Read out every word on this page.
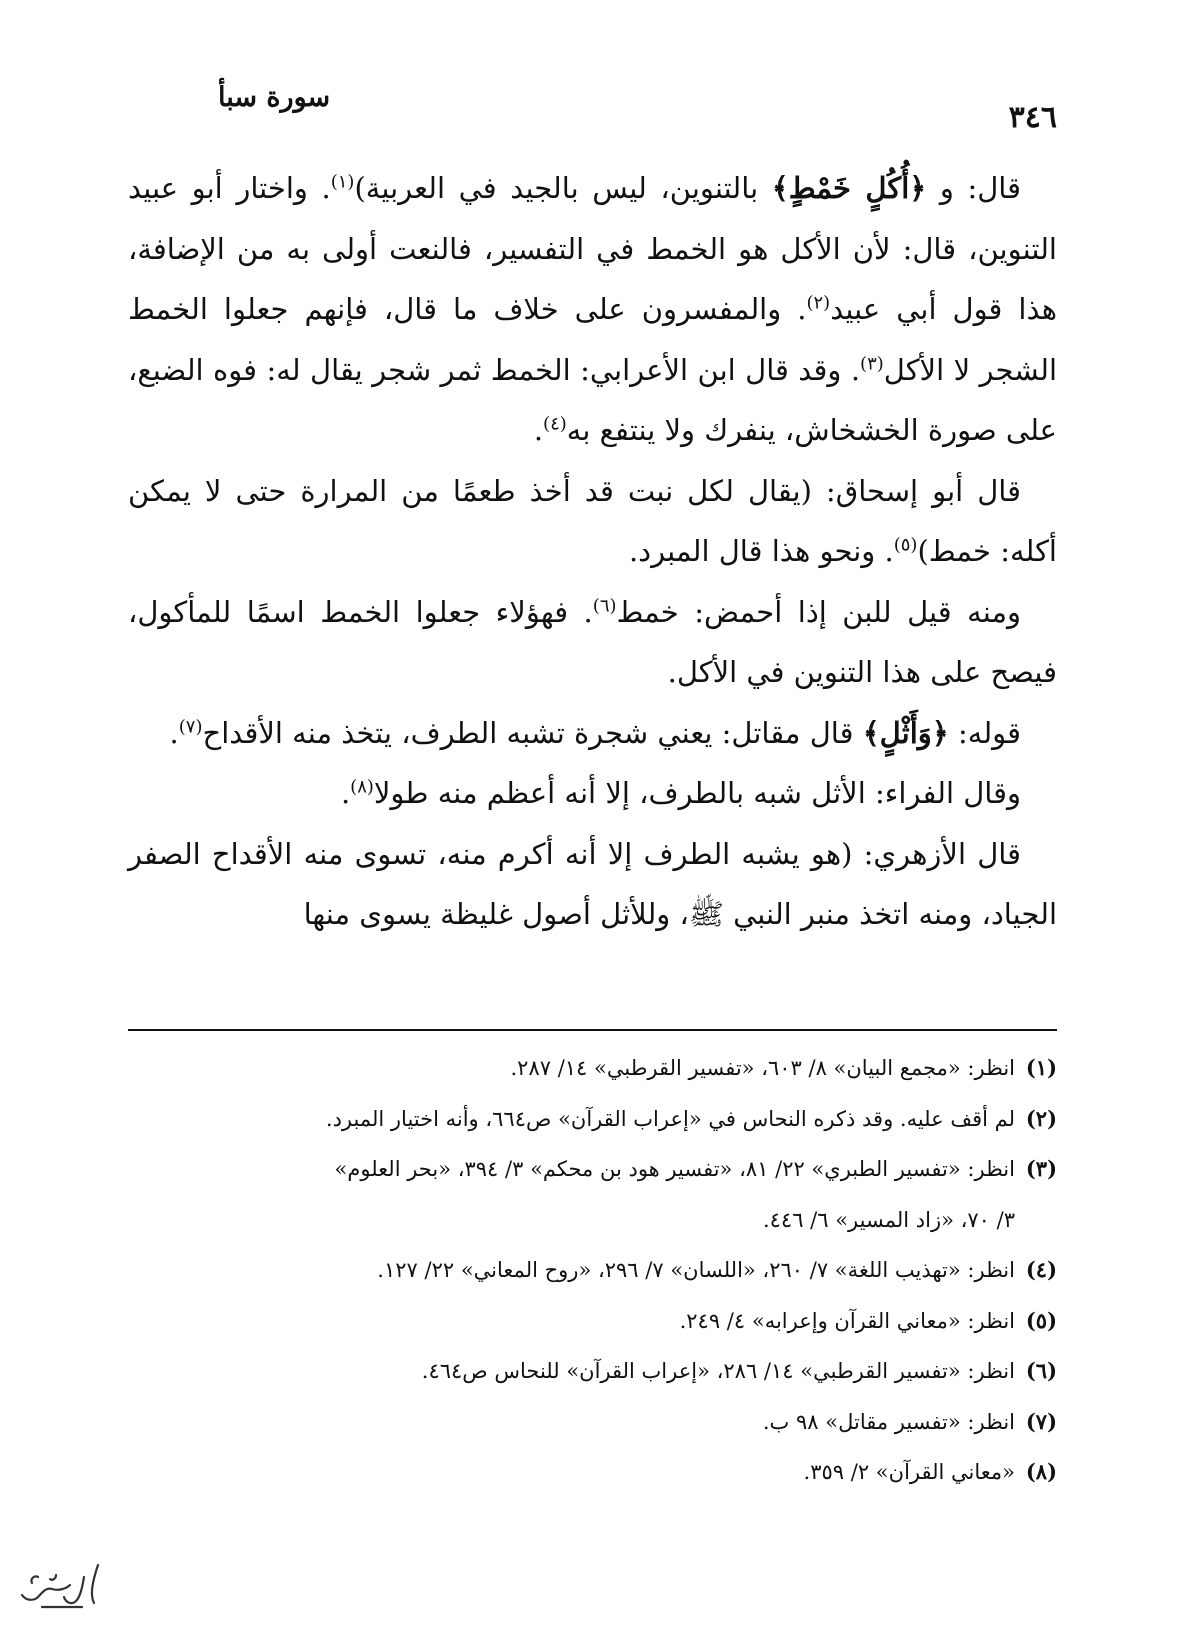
٣٤٦
سورة سبأ

قال: و ﴿أُكُلٍ خَمْطٍ﴾ بالتنوين، ليس بالجيد في العربية)$^{(١)}$. واختار أبو عبيد التنوين، قال: لأن الأكل هو الخمط في التفسير، فالنعت أولى به من الإضافة، هذا قول أبي عبيد$^{(٢)}$. والمفسرون على خلاف ما قال، فإنهم جعلوا الخمط الشجر لا الأكل$^{(٣)}$. وقد قال ابن الأعرابي: الخمط ثمر شجر يقال له: فوه الضبع، على صورة الخشخاش، ينفرك ولا ينتفع به$^{(٤)}$.

قال أبو إسحاق: (يقال لكل نبت قد أخذ طعمًا من المرارة حتى لا يمكن أكله: خمط)$^{(٥)}$. ونحو هذا قال المبرد.

ومنه قيل للبن إذا أحمض: خمط$^{(٦)}$. فهؤلاء جعلوا الخمط اسمًا للمأكول، فيصح على هذا التنوين في الأكل.

قوله: ﴿وَأَثْلٍ﴾ قال مقاتل: يعني شجرة تشبه الطرف، يتخذ منه الأقداح$^{(٧)}$.

وقال الفراء: الأثل شبه بالطرف، إلا أنه أعظم منه طولا$^{(٨)}$.

قال الأزهري: (هو يشبه الطرف إلا أنه أكرم منه، تسوى منه الأقداح الصفر الجياد، ومنه اتخذ منبر النبي ﷺ، وللأثل أصول غليظة يسوى منها

(١)
انظر: «مجمع البيان» ٨/ ٦٠٣، «تفسير القرطبي» ١٤/ ٢٨٧.
(٢)
لم أقف عليه. وقد ذكره النحاس في «إعراب القرآن» ص٦٦٤، وأنه اختيار المبرد.
(٣)
انظر: «تفسير الطبري» ٢٢/ ٨١، «تفسير هود بن محكم» ٣/ ٣٩٤، «بحر العلوم»
٣/ ٧٠، «زاد المسير» ٦/ ٤٤٦.
(٤)
انظر: «تهذيب اللغة» ٧/ ٢٦٠، «اللسان» ٧/ ٢٩٦، «روح المعاني» ٢٢/ ١٢٧.
(٥)
انظر: «معاني القرآن وإعرابه» ٤/ ٢٤٩.
(٦)
انظر: «تفسير القرطبي» ١٤/ ٢٨٦، «إعراب القرآن» للنحاس ص٤٦٤.
(٧)
انظر: «تفسير مقاتل» ٩٨ ب.
(٨)
«معاني القرآن» ٢/ ٣٥٩.
